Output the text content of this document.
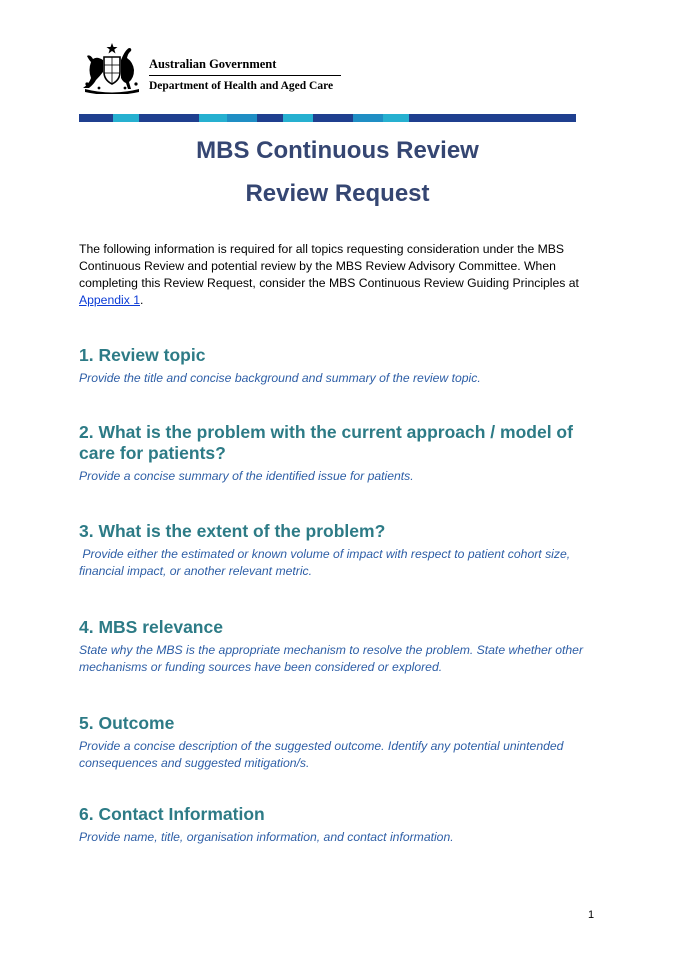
Australian Government
Department of Health and Aged Care
MBS Continuous Review
Review Request

The following information is required for all topics requesting consideration under the MBS Continuous Review and potential review by the MBS Review Advisory Committee. When completing this Review Request, consider the MBS Continuous Review Guiding Principles at Appendix 1.

1. Review topic

Provide the title and concise background and summary of the review topic.

2. What is the problem with the current approach / model of care for patients?

Provide a concise summary of the identified issue for patients.

3. What is the extent of the problem?

Provide either the estimated or known volume of impact with respect to patient cohort size, financial impact, or another relevant metric.

4. MBS relevance

State why the MBS is the appropriate mechanism to resolve the problem. State whether other mechanisms or funding sources have been considered or explored.

5. Outcome

Provide a concise description of the suggested outcome. Identify any potential unintended consequences and suggested mitigation/s.

6. Contact Information

Provide name, title, organisation information, and contact information.

1
